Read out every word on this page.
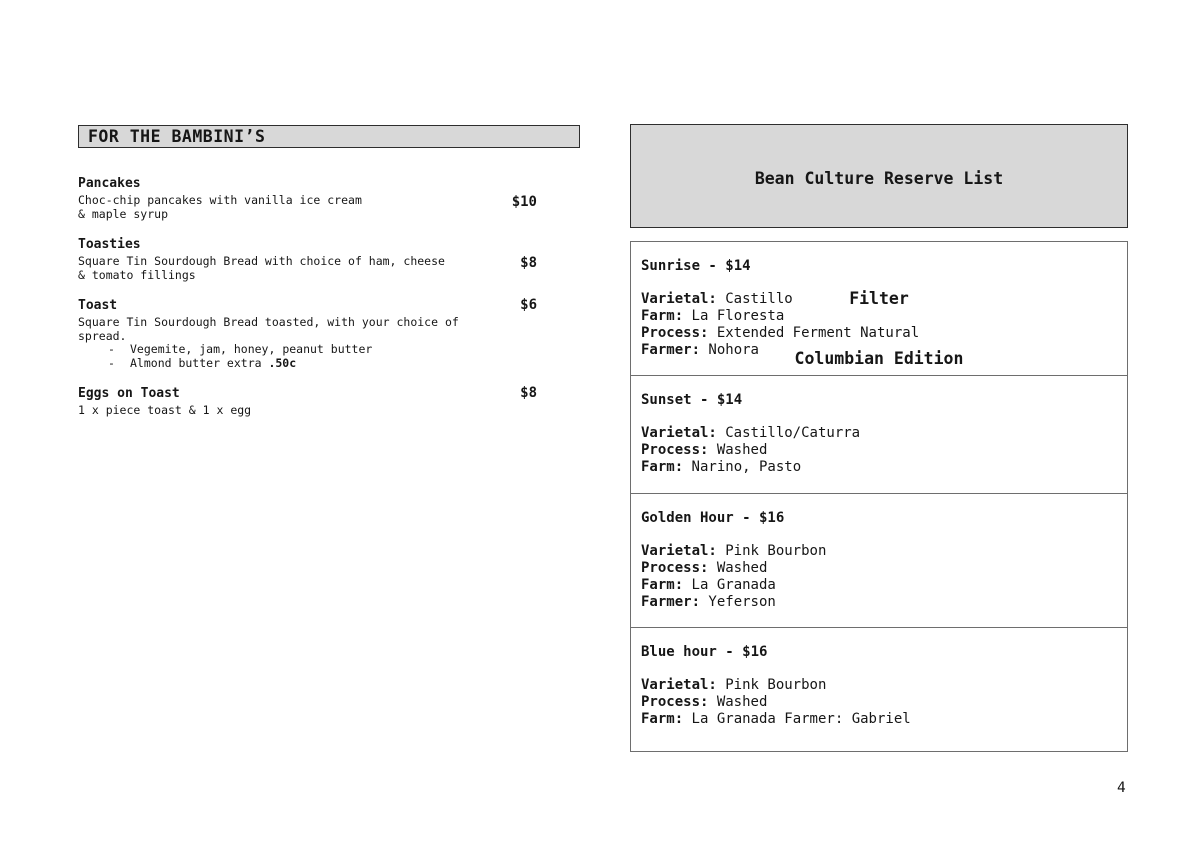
FOR THE BAMBINI’S
Pancakes
Choc-chip pancakes with vanilla ice cream
& maple syrup
$10
Toasties
Square Tin Sourdough Bread with choice of ham, cheese
& tomato fillings
$8
Toast
Square Tin Sourdough Bread toasted, with your choice of
spread.
-	Vegemite, jam, honey, peanut butter
-	Almond butter extra .50c
$6
Eggs on Toast
1 x piece toast & 1 x egg
$8

Bean Culture Reserve List

Filter

Columbian Edition

Sunrise - $14
Varietal: Castillo
Farm: La Floresta
Process: Extended Ferment Natural
Farmer: Nohora
Sunset - $14
Varietal: Castillo/Caturra
Process: Washed
Farm: Narino, Pasto
Golden Hour - $16
Varietal: Pink Bourbon
Process: Washed
Farm: La Granada
Farmer: Yeferson
Blue hour - $16
Varietal: Pink Bourbon
Process: Washed
Farm: La Granada Farmer: Gabriel
4
